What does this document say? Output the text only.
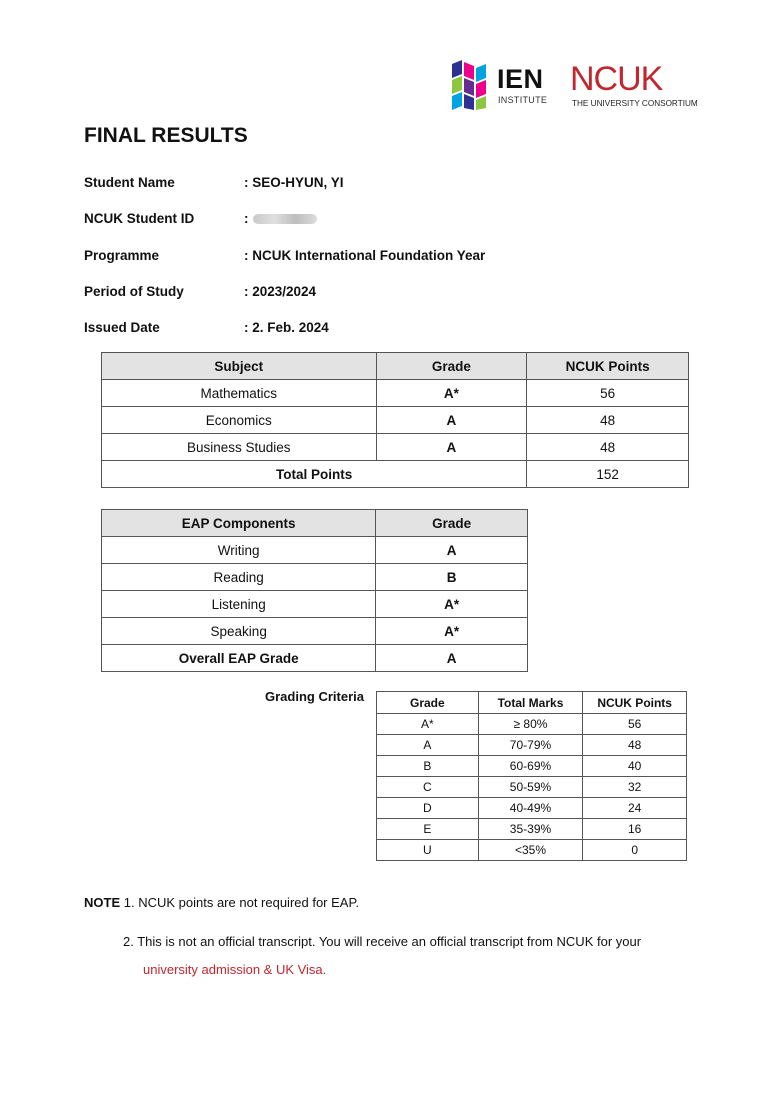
IEN
INSTITUTE
NCUK
THE UNIVERSITY CONSORTIUM
FINAL RESULTS
Student Name	: SEO-HYUN, YI
NCUK Student ID	:
Programme	: NCUK International Foundation Year
Period of Study	: 2023/2024
Issued Date	: 2. Feb. 2024
Subject	Grade	NCUK Points
Mathematics	A*	56
Economics	A	48
Business Studies	A	48
Total Points		152
EAP Components	Grade
Writing	A
Reading	B
Listening	A*
Speaking	A*
Overall EAP Grade	A
Grading Criteria	Grade	Total Marks	NCUK Points
A*	≥ 80%	56
A	70-79%	48
B	60-69%	40
C	50-59%	32
D	40-49%	24
E	35-39%	16
U	<35%	0
NOTE 1. NCUK points are not required for EAP.
2. This is not an official transcript. You will receive an official transcript from NCUK for your
university admission & UK Visa.
